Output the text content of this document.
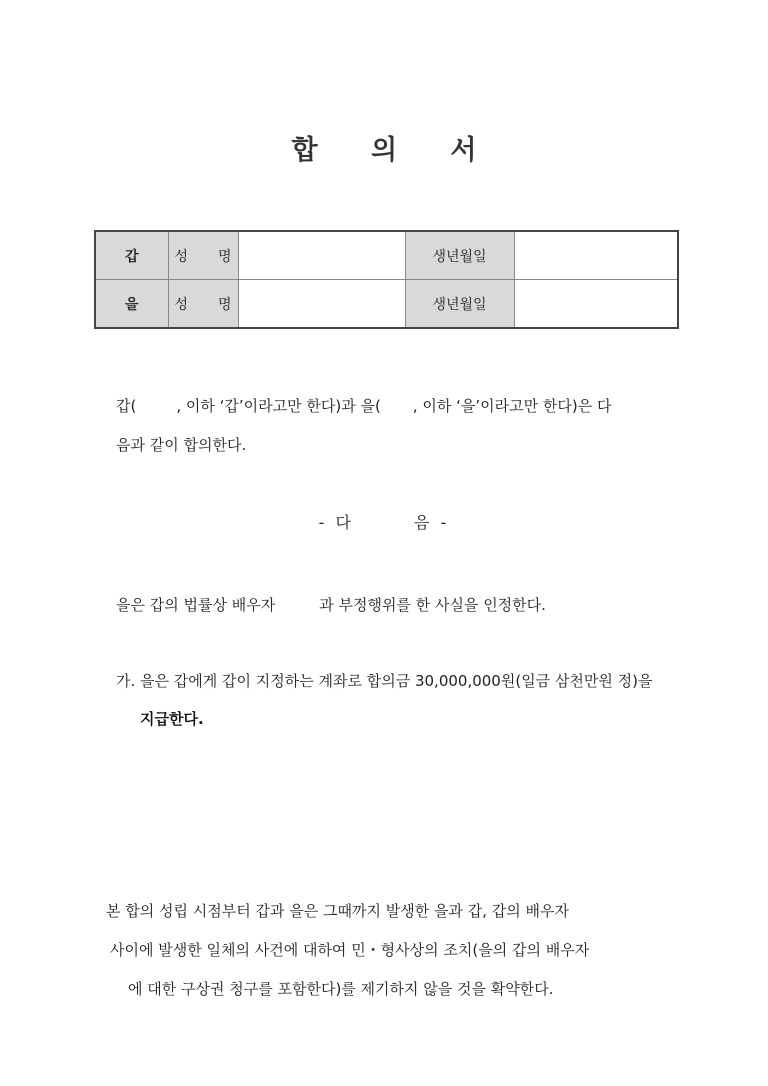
합 의 서
갑	성 명		생년월일	
을	성 명		생년월일	
갑(	, 이하 ‘갑’이라고만 한다)과 을( , 이하 ‘을’이라고만 한다)은 다
음과 같이 합의한다.
- 다	음 -
을은 갑의 법률상 배우자	과 부정행위를 한 사실을 인정한다.
가. 을은 갑에게 갑이 지정하는 계좌로 합의금 30,000,000원(일금 삼천만원 정)을
지급한다.
본 합의 성립 시점부터 갑과 을은 그때까지 발생한 을과 갑, 갑의 배우자
사이에 발생한 일체의 사건에 대하여 민・형사상의 조치(을의 갑의 배우자
에 대한 구상권 청구를 포함한다)를 제기하지 않을 것을 확약한다.
